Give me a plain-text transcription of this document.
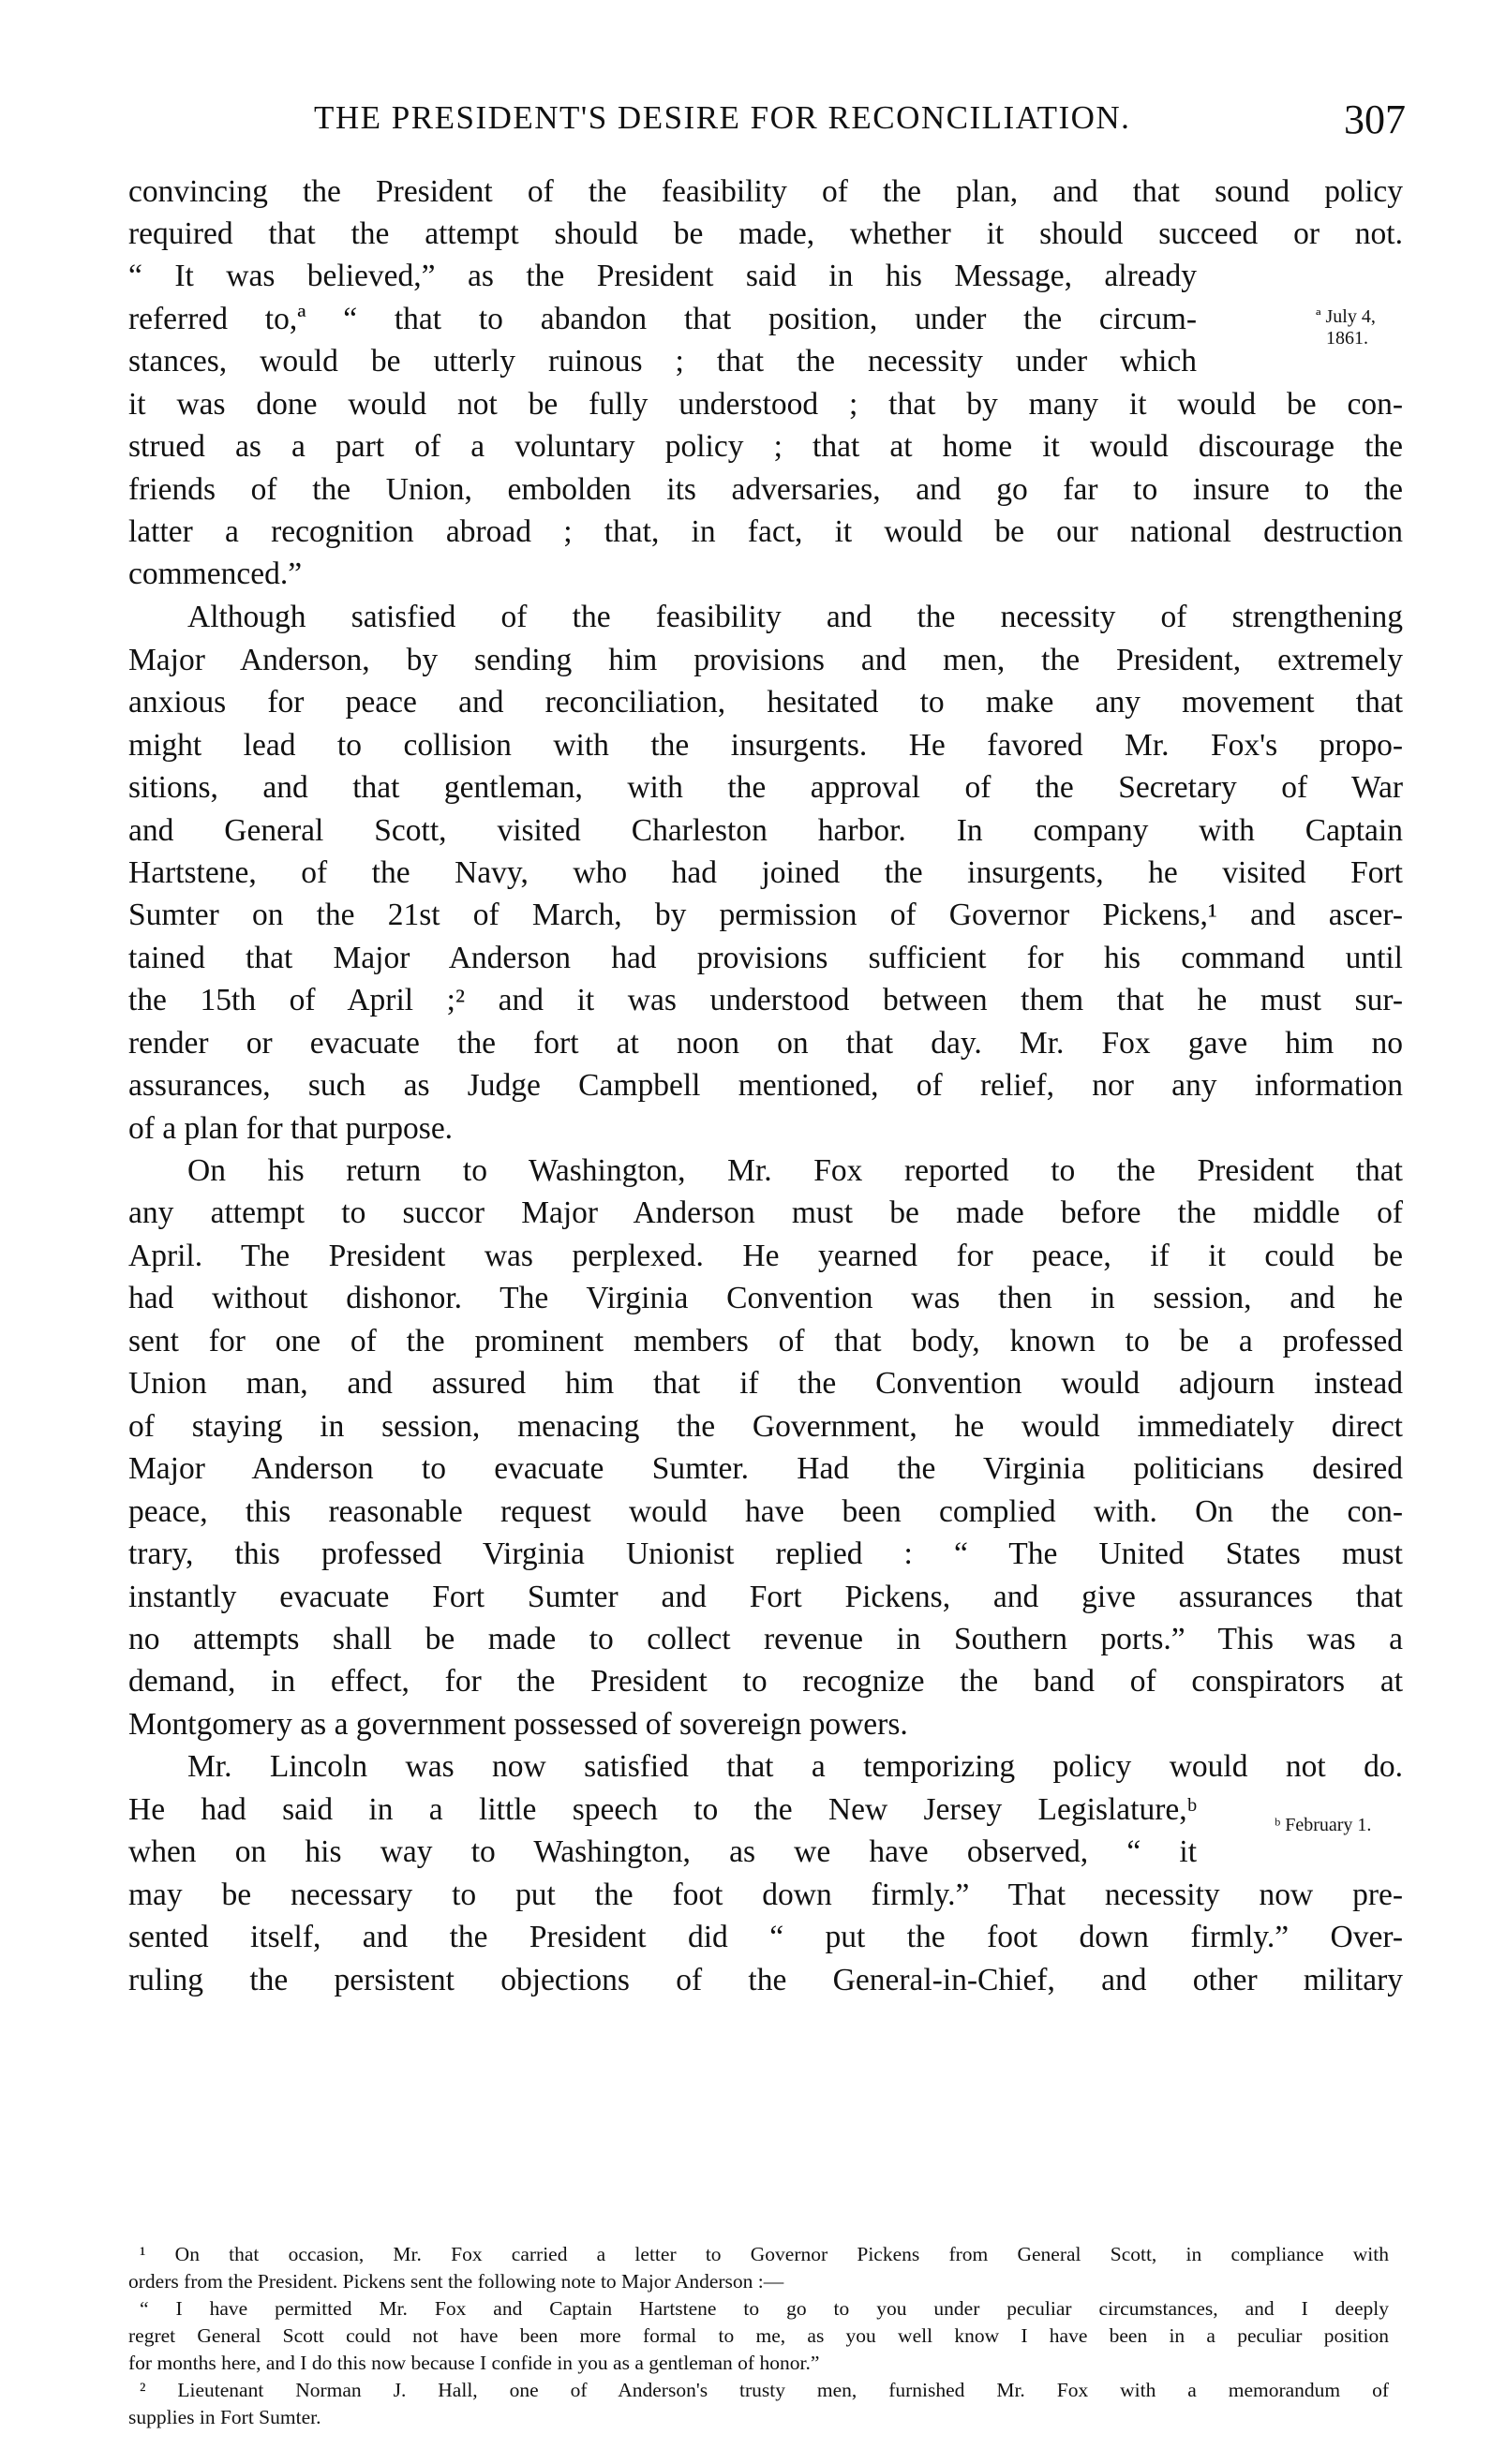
THE PRESIDENT'S DESIRE FOR RECONCILIATION.	307
convincing the President of the feasibility of the plan, and that sound policy
required that the attempt should be made, whether it should succeed or not.
“ It was believed,” as the President said in his Message, already
referred to,ª “ that to abandon that position, under the circum-
stances, would be utterly ruinous ; that the necessity under which
it was done would not be fully understood ; that by many it would be con-
strued as a part of a voluntary policy ; that at home it would discourage the
friends of the Union, embolden its adversaries, and go far to insure to the
latter a recognition abroad ; that, in fact, it would be our national destruction
commenced.”
Although satisfied of the feasibility and the necessity of strengthening
Major Anderson, by sending him provisions and men, the President, extremely
anxious for peace and reconciliation, hesitated to make any movement that
might lead to collision with the insurgents. He favored Mr. Fox's propo-
sitions, and that gentleman, with the approval of the Secretary of War
and General Scott, visited Charleston harbor. In company with Captain
Hartstene, of the Navy, who had joined the insurgents, he visited Fort
Sumter on the 21st of March, by permission of Governor Pickens,¹ and ascer-
tained that Major Anderson had provisions sufficient for his command until
the 15th of April ;² and it was understood between them that he must sur-
render or evacuate the fort at noon on that day. Mr. Fox gave him no
assurances, such as Judge Campbell mentioned, of relief, nor any information
of a plan for that purpose.
On his return to Washington, Mr. Fox reported to the President that
any attempt to succor Major Anderson must be made before the middle of
April. The President was perplexed. He yearned for peace, if it could be
had without dishonor. The Virginia Convention was then in session, and he
sent for one of the prominent members of that body, known to be a professed
Union man, and assured him that if the Convention would adjourn instead
of staying in session, menacing the Government, he would immediately direct
Major Anderson to evacuate Sumter. Had the Virginia politicians desired
peace, this reasonable request would have been complied with. On the con-
trary, this professed Virginia Unionist replied : “ The United States must
instantly evacuate Fort Sumter and Fort Pickens, and give assurances that
no attempts shall be made to collect revenue in Southern ports.” This was a
demand, in effect, for the President to recognize the band of conspirators at
Montgomery as a government possessed of sovereign powers.
Mr. Lincoln was now satisfied that a temporizing policy would not do.
He had said in a little speech to the New Jersey Legislature,ᵇ
when on his way to Washington, as we have observed, “ it
may be necessary to put the foot down firmly.” That necessity now pre-
sented itself, and the President did “ put the foot down firmly.” Over-
ruling the persistent objections of the General-in-Chief, and other military
ª July 4,
1861.
ᵇ February 1.
¹ On that occasion, Mr. Fox carried a letter to Governor Pickens from General Scott, in compliance with
orders from the President. Pickens sent the following note to Major Anderson :—
“ I have permitted Mr. Fox and Captain Hartstene to go to you under peculiar circumstances, and I deeply
regret General Scott could not have been more formal to me, as you well know I have been in a peculiar position
for months here, and I do this now because I confide in you as a gentleman of honor.”
² Lieutenant Norman J. Hall, one of Anderson's trusty men, furnished Mr. Fox with a memorandum of
supplies in Fort Sumter.
